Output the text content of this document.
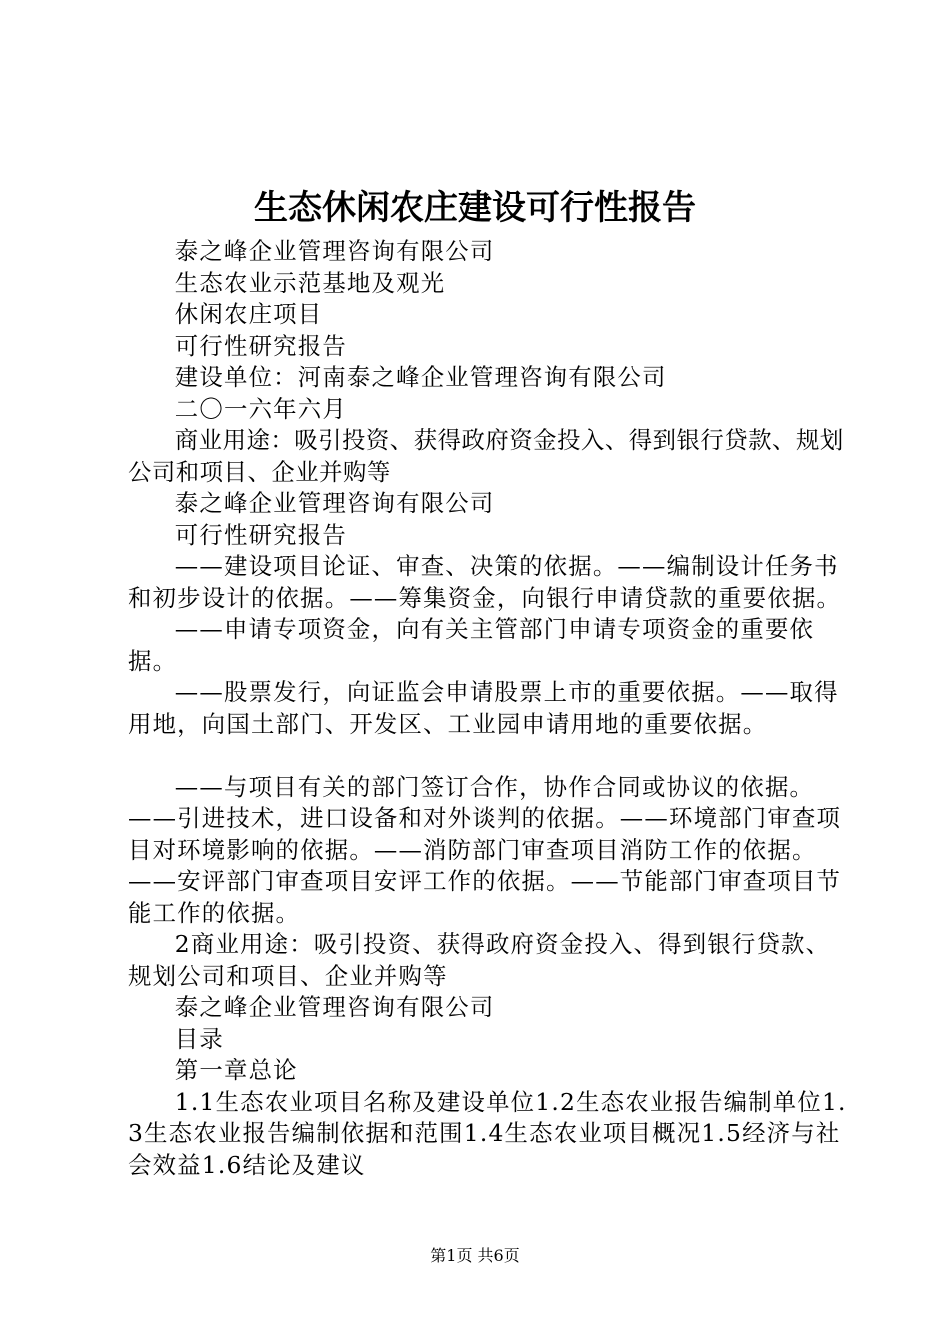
生态休闲农庄建设可行性报告

泰之峰企业管理咨询有限公司

生态农业示范基地及观光

休闲农庄项目

可行性研究报告

建设单位：河南泰之峰企业管理咨询有限公司

二〇一六年六月

商业用途：吸引投资、获得政府资金投入、得到银行贷款、规划公司和项目、企业并购等

泰之峰企业管理咨询有限公司

可行性研究报告

——建设项目论证、审查、决策的依据。——编制设计任务书和初步设计的依据。——筹集资金，向银行申请贷款的重要依据。

——申请专项资金，向有关主管部门申请专项资金的重要依据。

——股票发行，向证监会申请股票上市的重要依据。——取得用地，向国土部门、开发区、工业园申请用地的重要依据。

——与项目有关的部门签订合作，协作合同或协议的依据。——引进技术，进口设备和对外谈判的依据。——环境部门审查项目对环境影响的依据。——消防部门审查项目消防工作的依据。——安评部门审查项目安评工作的依据。——节能部门审查项目节能工作的依据。

2商业用途：吸引投资、获得政府资金投入、得到银行贷款、规划公司和项目、企业并购等

泰之峰企业管理咨询有限公司

目录

第一章总论

1.1生态农业项目名称及建设单位1.2生态农业报告编制单位1.3生态农业报告编制依据和范围1.4生态农业项目概况1.5经济与社会效益1.6结论及建议

第1页 共6页
